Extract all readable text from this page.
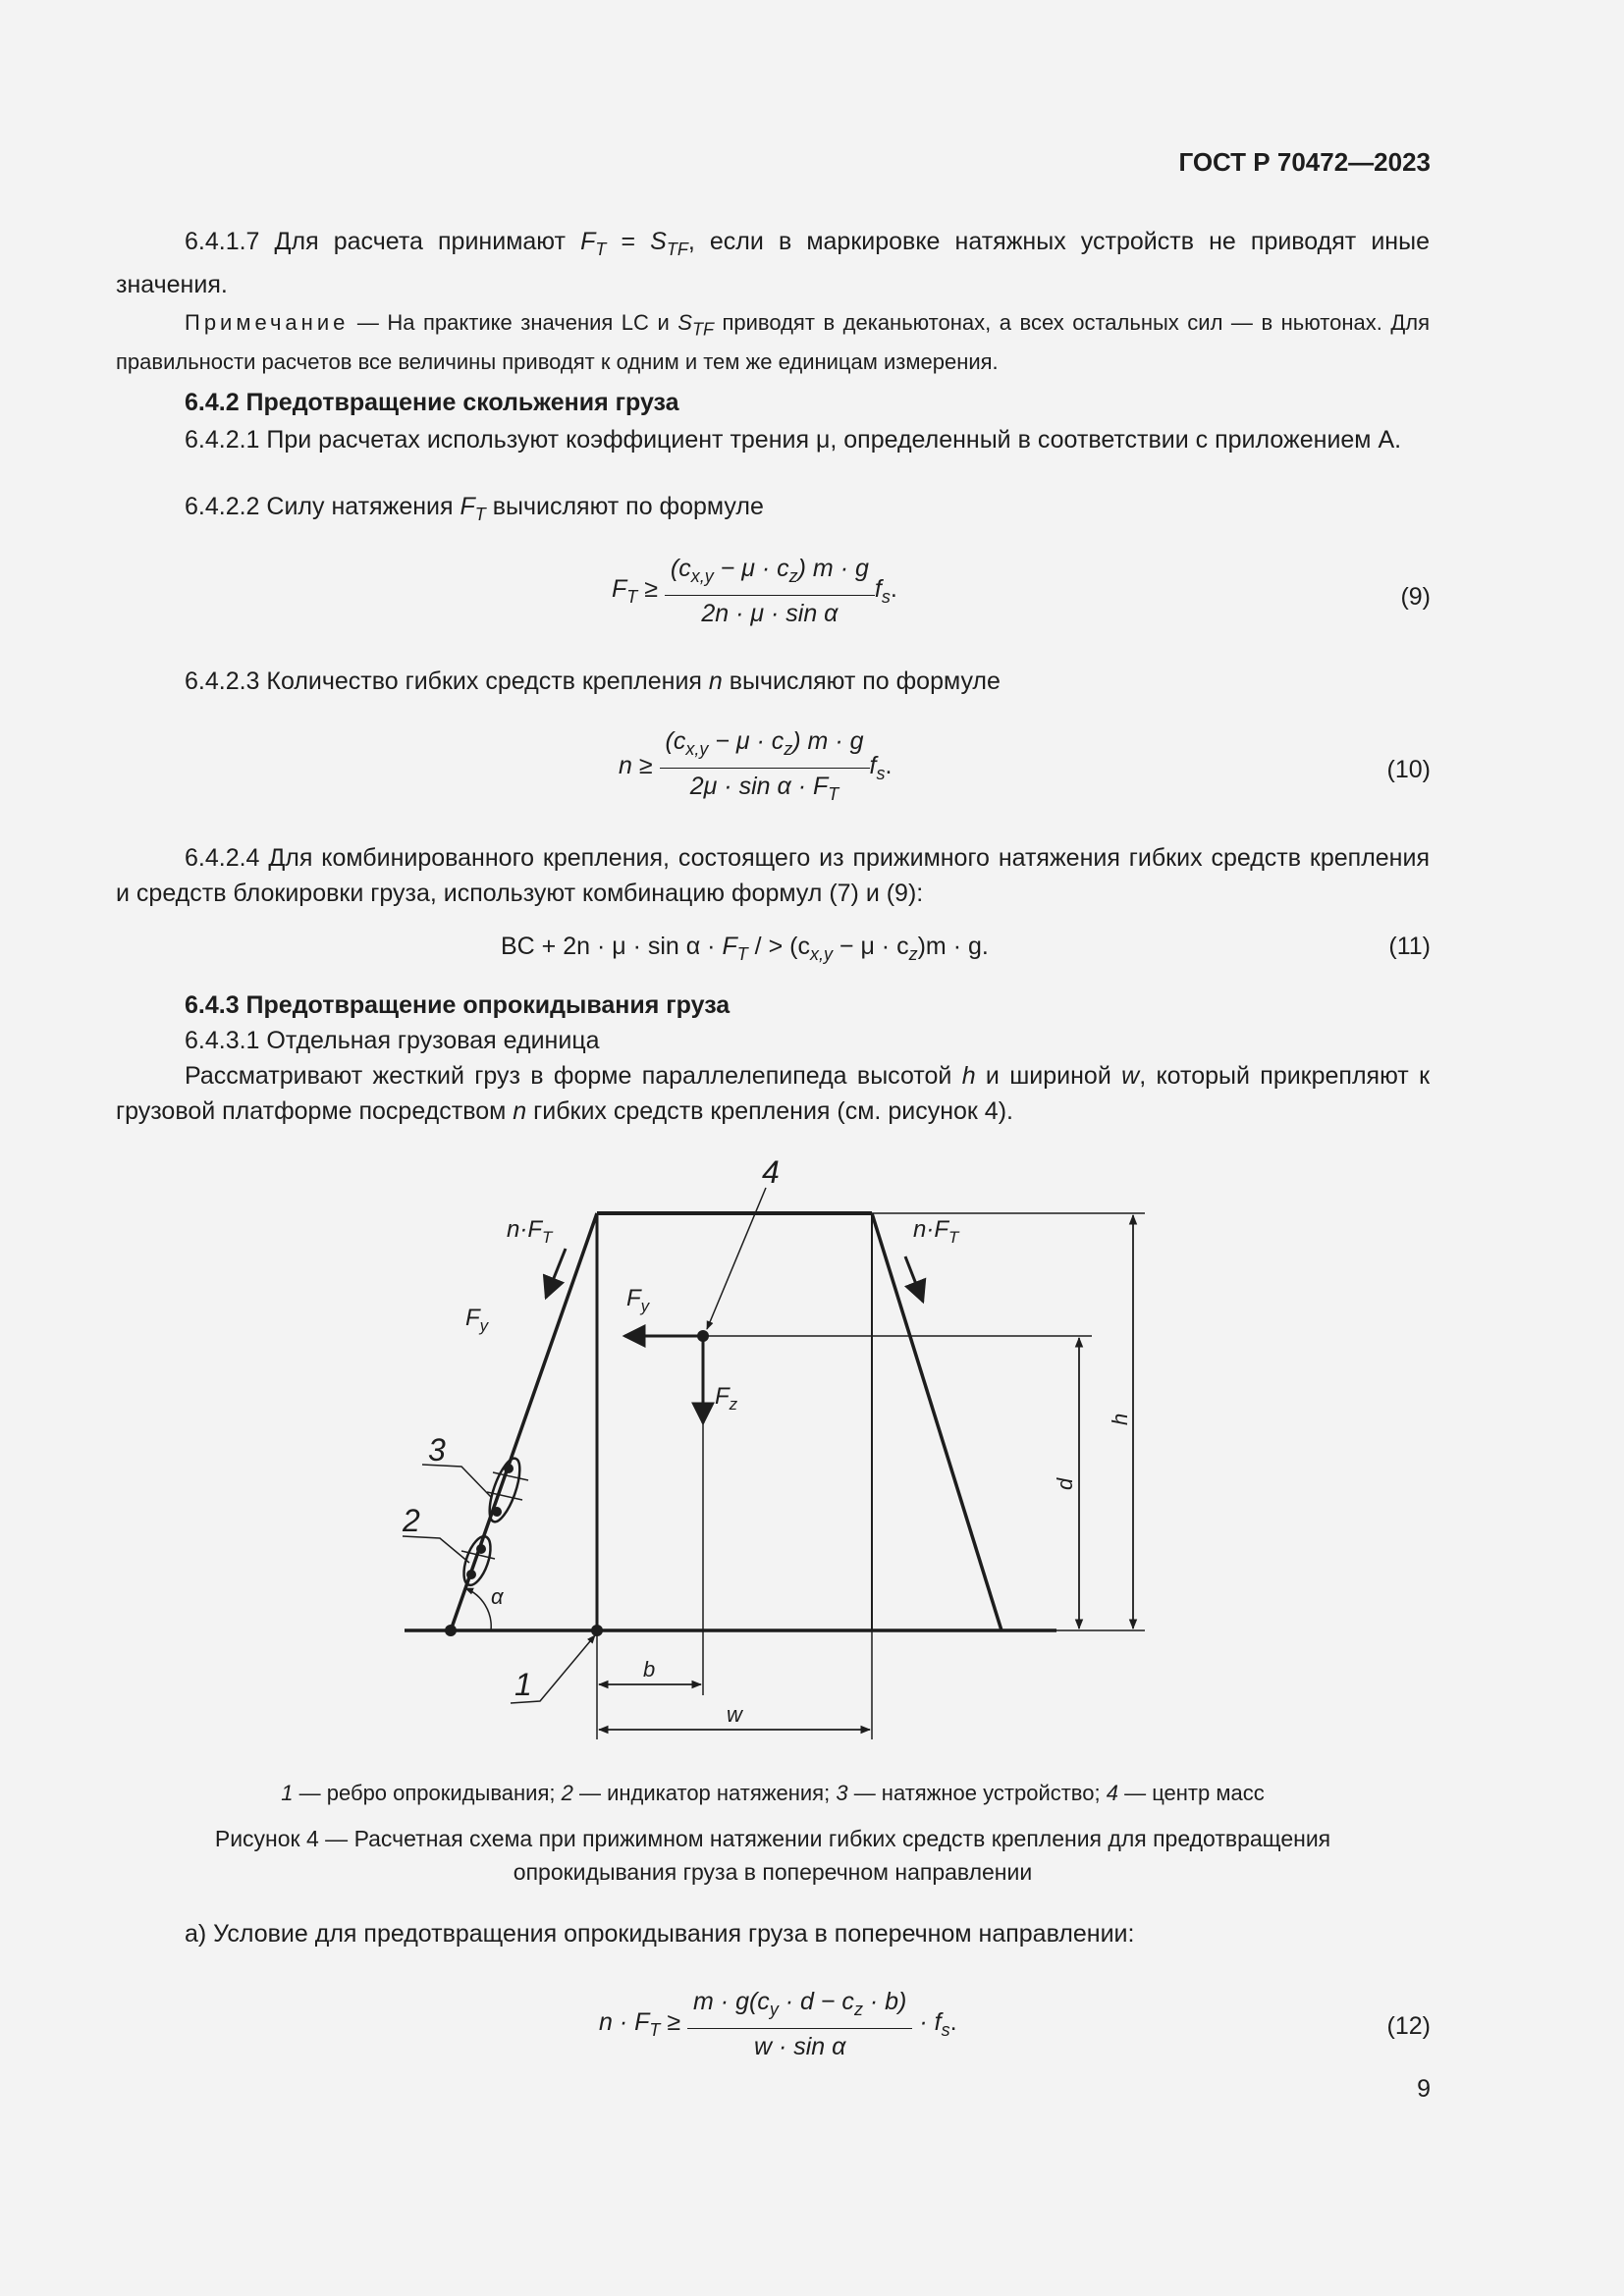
ГОСТ Р 70472—2023
6.4.1.7 Для расчета принимают $F_T = S_{TF}$, если в маркировке натяжных устройств не приводят иные значения.
Примечание — На практике значения LC и $S_{TF}$ приводят в деканьютонах, а всех остальных сил — в ньютонах. Для правильности расчетов все величины приводят к одним и тем же единицам измерения.
6.4.2 Предотвращение скольжения груза
6.4.2.1 При расчетах используют коэффициент трения μ, определенный в соответствии с приложением А.
6.4.2.2 Силу натяжения $F_T$ вычисляют по формуле
$F_T \ge \frac{(c_{x,y} - \mu \cdot c_z) m \cdot g}{\text{2n · μ · sin α}} f_s$.	(9)
6.4.2.3 Количество гибких средств крепления n вычисляют по формуле
$n \ge \frac{(c_{x,y} - \mu \cdot c_z) m \cdot g}{2\mu \cdot \sin \alpha \cdot F_T} f_s$.	(10)
6.4.2.4 Для комбинированного крепления, состоящего из прижимного натяжения гибких средств крепления и средств блокировки груза, используют комбинацию формул (7) и (9):
BC + $2n \cdot \mu \cdot \sin \alpha \cdot F_T$ / > $(c_{x,y} - \mu \cdot c_z)m \cdot g$.	(11)
6.4.3 Предотвращение опрокидывания груза
6.4.3.1 Отдельная грузовая единица
Рассматривают жесткий груз в форме параллелепипеда высотой h и шириной w, который прикрепляют к грузовой платформе посредством n гибких средств крепления (см. рисунок 4).
$n\cdot F_T$	$n\cdot F_T$
$F_y$
$F_y$
$F_z$
h
d
b
w
α
1
2
3
4
1 — ребро опрокидывания; 2 — индикатор натяжения; 3 — натяжное устройство; 4 — центр масс
Рисунок 4 — Расчетная схема при прижимном натяжении гибких средств крепления для предотвращения
опрокидывания груза в поперечном направлении
а) Условие для предотвращения опрокидывания груза в поперечном направлении:
$n \cdot F_T \ge \frac{m \cdot g(c_y \cdot d - c_z \cdot b)}{\text{w · sin α}} \cdot f_s$.	(12)
9
